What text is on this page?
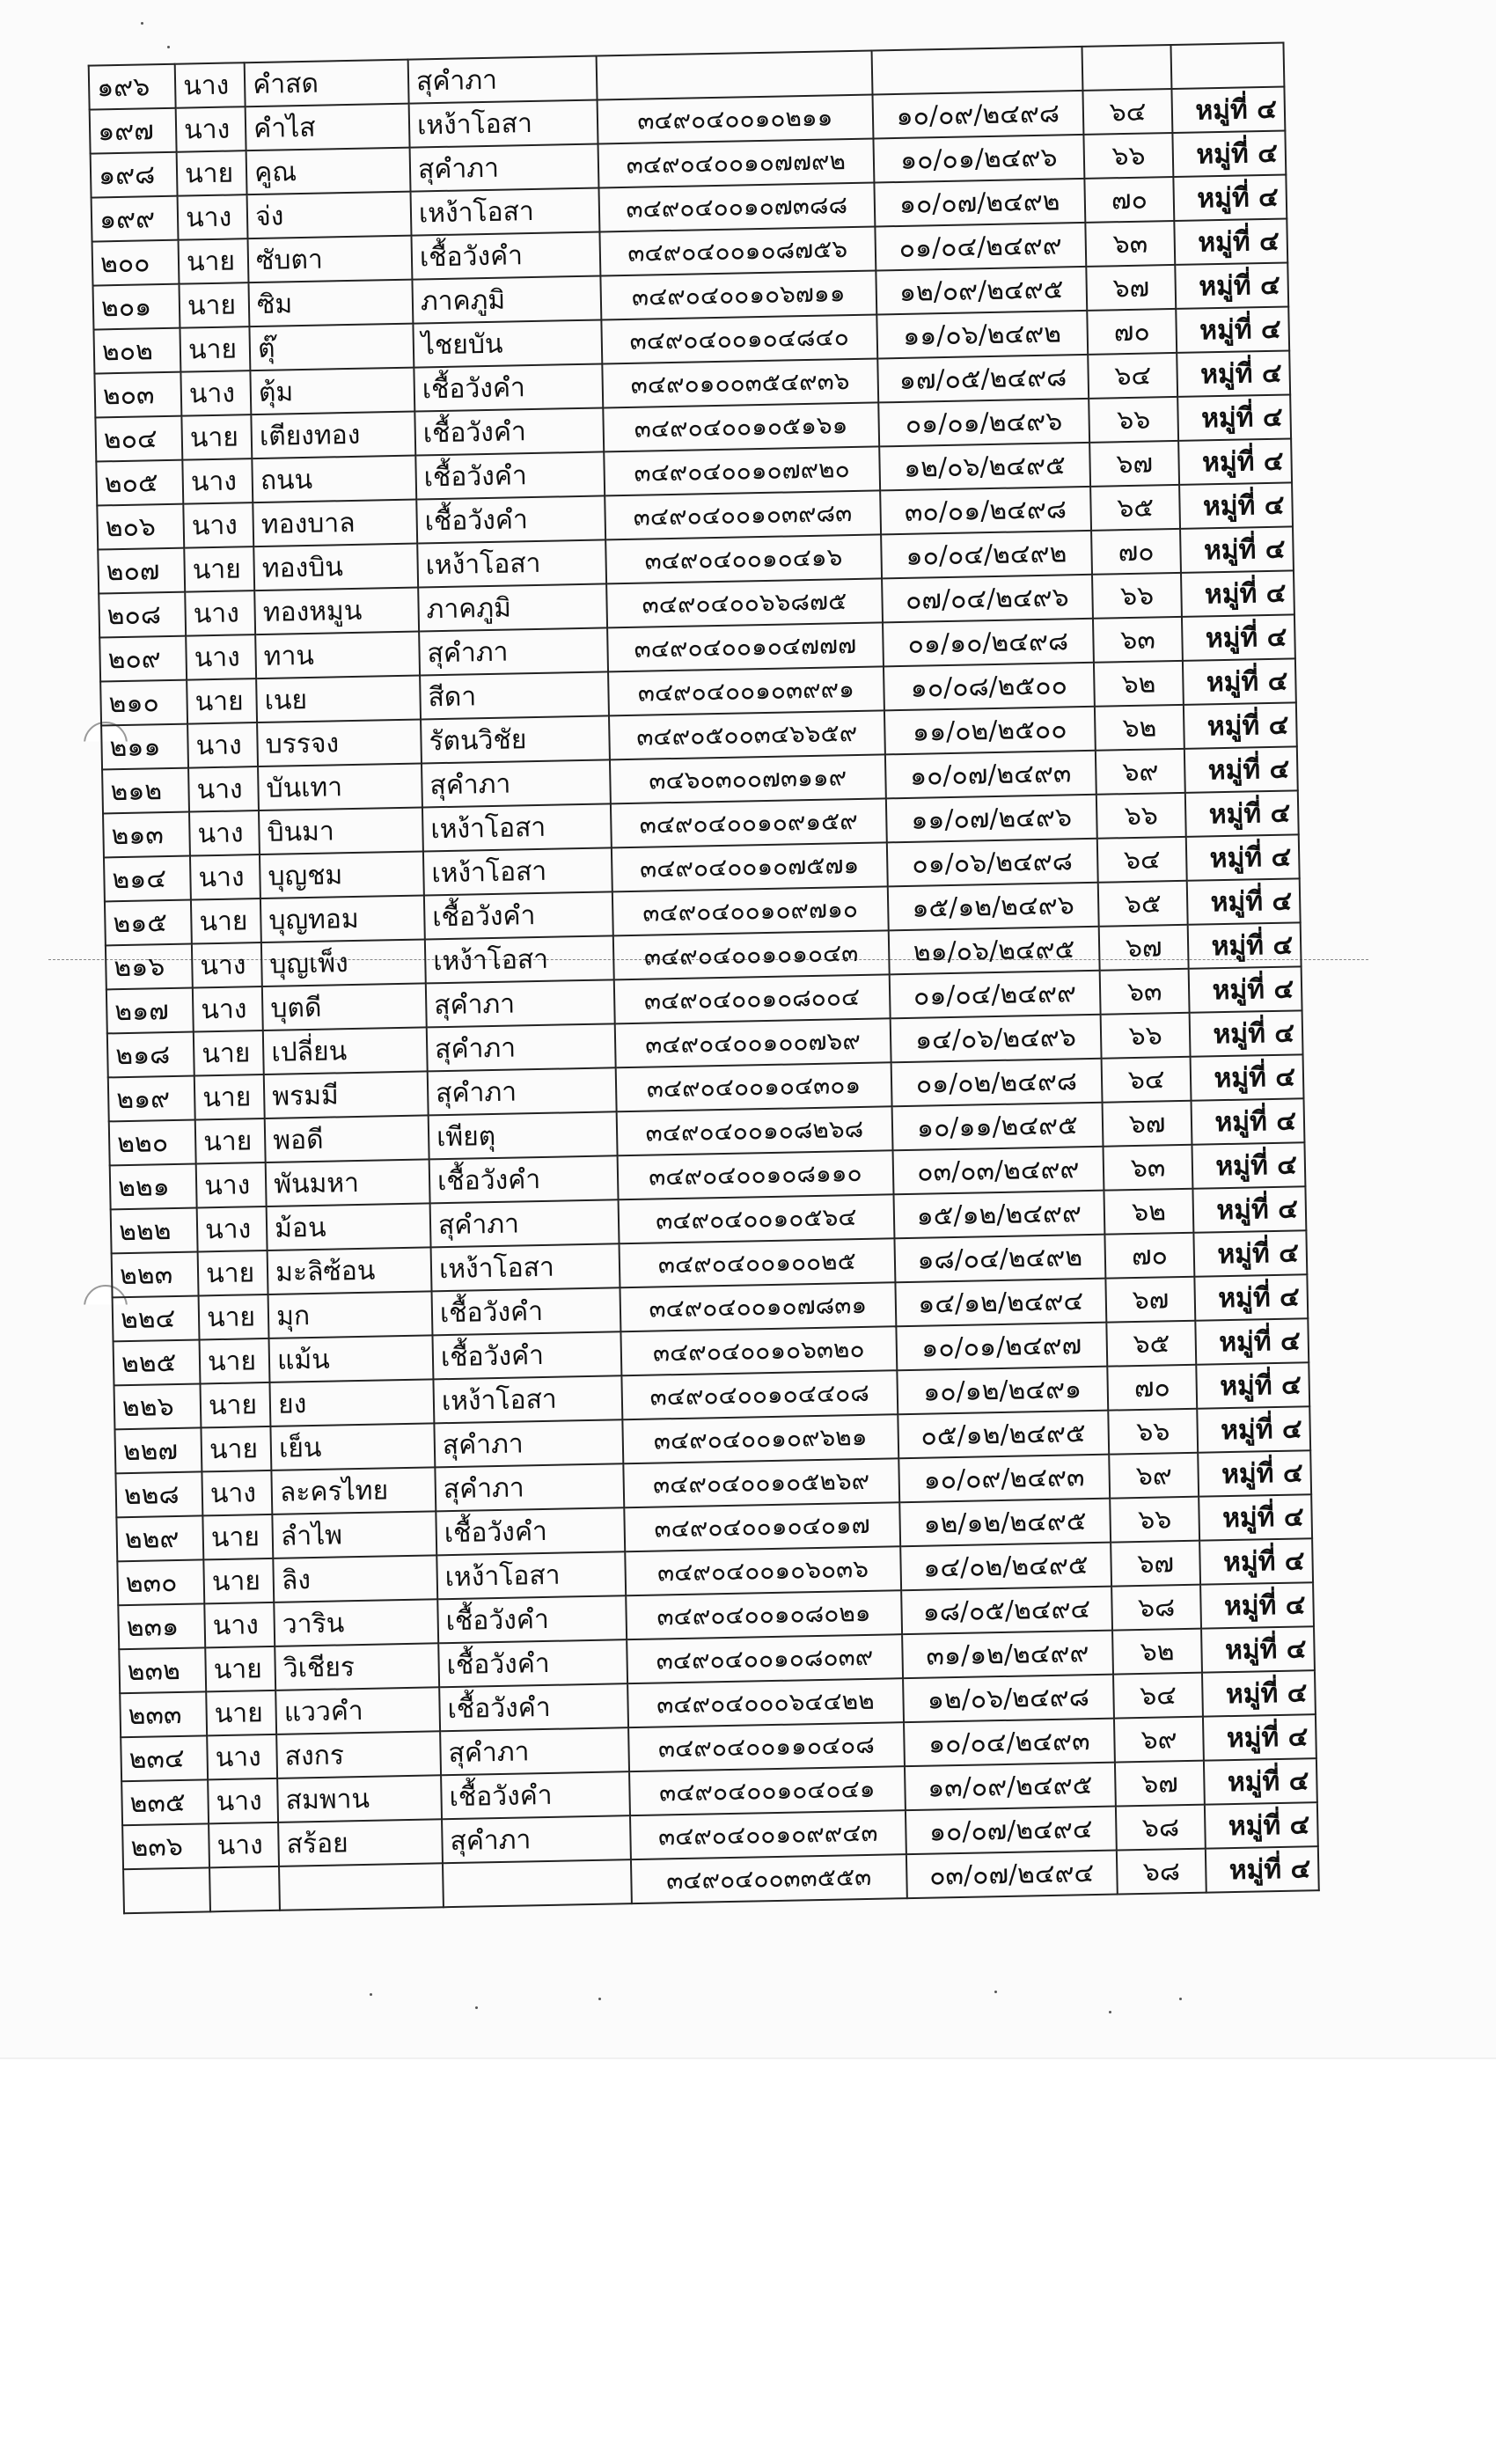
๑๙๖	นาง	คำสด	สุคำภา				
๑๙๗	นาง	คำไส	เหง้าโอสา	๓๔๙๐๔๐๐๑๐๒๑๑	๑๐/๐๙/๒๔๙๘	๖๔	หมู่ที่ ๔
๑๙๘	นาย	คูณ	สุคำภา	๓๔๙๐๔๐๐๑๐๗๗๙๒	๑๐/๐๑/๒๔๙๖	๖๖	หมู่ที่ ๔
๑๙๙	นาง	จ่ง	เหง้าโอสา	๓๔๙๐๔๐๐๑๐๗๓๘๘	๑๐/๐๗/๒๔๙๒	๗๐	หมู่ที่ ๔
๒๐๐	นาย	ซับตา	เชื้อวังคำ	๓๔๙๐๔๐๐๑๐๘๗๕๖	๐๑/๐๔/๒๔๙๙	๖๓	หมู่ที่ ๔
๒๐๑	นาย	ซิม	ภาคภูมิ	๓๔๙๐๔๐๐๑๐๖๗๑๑	๑๒/๐๙/๒๔๙๕	๖๗	หมู่ที่ ๔
๒๐๒	นาย	ตุ๊	ไชยบัน	๓๔๙๐๔๐๐๑๐๔๘๔๐	๑๑/๐๖/๒๔๙๒	๗๐	หมู่ที่ ๔
๒๐๓	นาง	ตุ้ม	เชื้อวังคำ	๓๔๙๐๑๐๐๓๕๔๙๓๖	๑๗/๐๕/๒๔๙๘	๖๔	หมู่ที่ ๔
๒๐๔	นาย	เตียงทอง	เชื้อวังคำ	๓๔๙๐๔๐๐๑๐๕๑๖๑	๐๑/๐๑/๒๔๙๖	๖๖	หมู่ที่ ๔
๒๐๕	นาง	ถนน	เชื้อวังคำ	๓๔๙๐๔๐๐๑๐๗๙๒๐	๑๒/๐๖/๒๔๙๕	๖๗	หมู่ที่ ๔
๒๐๖	นาง	ทองบาล	เชื้อวังคำ	๓๔๙๐๔๐๐๑๐๓๙๘๓	๓๐/๐๑/๒๔๙๘	๖๕	หมู่ที่ ๔
๒๐๗	นาย	ทองบิน	เหง้าโอสา	๓๔๙๐๔๐๐๑๐๔๑๖	๑๐/๐๔/๒๔๙๒	๗๐	หมู่ที่ ๔
๒๐๘	นาง	ทองหมูน	ภาคภูมิ	๓๔๙๐๔๐๐๖๖๘๗๕	๐๗/๐๔/๒๔๙๖	๖๖	หมู่ที่ ๔
๒๐๙	นาง	ทาน	สุคำภา	๓๔๙๐๔๐๐๑๐๔๗๗๗	๐๑/๑๐/๒๔๙๘	๖๓	หมู่ที่ ๔
๒๑๐	นาย	เนย	สีดา	๓๔๙๐๔๐๐๑๐๓๙๙๑	๑๐/๐๘/๒๕๐๐	๖๒	หมู่ที่ ๔
๒๑๑	นาง	บรรจง	รัตนวิชัย	๓๔๙๐๕๐๐๓๔๖๖๕๙	๑๑/๐๒/๒๕๐๐	๖๒	หมู่ที่ ๔
๒๑๒	นาง	บันเทา	สุคำภา	๓๔๖๐๓๐๐๗๓๑๑๙	๑๐/๐๗/๒๔๙๓	๖๙	หมู่ที่ ๔
๒๑๓	นาง	บินมา	เหง้าโอสา	๓๔๙๐๔๐๐๑๐๙๑๕๙	๑๑/๐๗/๒๔๙๖	๖๖	หมู่ที่ ๔
๒๑๔	นาง	บุญชม	เหง้าโอสา	๓๔๙๐๔๐๐๑๐๗๕๗๑	๐๑/๐๖/๒๔๙๘	๖๔	หมู่ที่ ๔
๒๑๕	นาย	บุญทอม	เชื้อวังคำ	๓๔๙๐๔๐๐๑๐๙๗๑๐	๑๕/๑๒/๒๔๙๖	๖๕	หมู่ที่ ๔
๒๑๖	นาง	บุญเพ็ง	เหง้าโอสา	๓๔๙๐๔๐๐๑๐๑๐๔๓	๒๑/๐๖/๒๔๙๕	๖๗	หมู่ที่ ๔
๒๑๗	นาง	บุตดี	สุคำภา	๓๔๙๐๔๐๐๑๐๘๐๐๔	๐๑/๐๔/๒๔๙๙	๖๓	หมู่ที่ ๔
๒๑๘	นาย	เปลี่ยน	สุคำภา	๓๔๙๐๔๐๐๑๐๐๗๖๙	๑๔/๐๖/๒๔๙๖	๖๖	หมู่ที่ ๔
๒๑๙	นาย	พรมมี	สุคำภา	๓๔๙๐๔๐๐๑๐๔๓๐๑	๐๑/๐๒/๒๔๙๘	๖๔	หมู่ที่ ๔
๒๒๐	นาย	พอดี	เพียตุ	๓๔๙๐๔๐๐๑๐๘๒๖๘	๑๐/๑๑/๒๔๙๕	๖๗	หมู่ที่ ๔
๒๒๑	นาง	พันมหา	เชื้อวังคำ	๓๔๙๐๔๐๐๑๐๘๑๑๐	๐๓/๐๓/๒๔๙๙	๖๓	หมู่ที่ ๔
๒๒๒	นาง	ม้อน	สุคำภา	๓๔๙๐๔๐๐๑๐๕๖๔	๑๕/๑๒/๒๔๙๙	๖๒	หมู่ที่ ๔
๒๒๓	นาย	มะลิซ้อน	เหง้าโอสา	๓๔๙๐๔๐๐๑๐๐๒๕	๑๘/๐๔/๒๔๙๒	๗๐	หมู่ที่ ๔
๒๒๔	นาย	มุก	เชื้อวังคำ	๓๔๙๐๔๐๐๑๐๗๘๓๑	๑๔/๑๒/๒๔๙๔	๖๗	หมู่ที่ ๔
๒๒๕	นาย	แม้น	เชื้อวังคำ	๓๔๙๐๔๐๐๑๐๖๓๒๐	๑๐/๐๑/๒๔๙๗	๖๕	หมู่ที่ ๔
๒๒๖	นาย	ยง	เหง้าโอสา	๓๔๙๐๔๐๐๑๐๔๔๐๘	๑๐/๑๒/๒๔๙๑	๗๐	หมู่ที่ ๔
๒๒๗	นาย	เย็น	สุคำภา	๓๔๙๐๔๐๐๑๐๙๖๒๑	๐๕/๑๒/๒๔๙๕	๖๖	หมู่ที่ ๔
๒๒๘	นาง	ละครไทย	สุคำภา	๓๔๙๐๔๐๐๑๐๕๒๖๙	๑๐/๐๙/๒๔๙๓	๖๙	หมู่ที่ ๔
๒๒๙	นาย	ลำไพ	เชื้อวังคำ	๓๔๙๐๔๐๐๑๐๔๐๑๗	๑๒/๑๒/๒๔๙๕	๖๖	หมู่ที่ ๔
๒๓๐	นาย	ลิง	เหง้าโอสา	๓๔๙๐๔๐๐๑๐๖๐๓๖	๑๔/๐๒/๒๔๙๕	๖๗	หมู่ที่ ๔
๒๓๑	นาง	วาริน	เชื้อวังคำ	๓๔๙๐๔๐๐๑๐๘๐๒๑	๑๘/๐๕/๒๔๙๔	๖๘	หมู่ที่ ๔
๒๓๒	นาย	วิเชียร	เชื้อวังคำ	๓๔๙๐๔๐๐๑๐๘๐๓๙	๓๑/๑๒/๒๔๙๙	๖๒	หมู่ที่ ๔
๒๓๓	นาย	แววคำ	เชื้อวังคำ	๓๔๙๐๔๐๐๐๖๔๔๒๒	๑๒/๐๖/๒๔๙๘	๖๔	หมู่ที่ ๔
๒๓๔	นาง	สงกร	สุคำภา	๓๔๙๐๔๐๐๑๑๐๔๐๘	๑๐/๐๔/๒๔๙๓	๖๙	หมู่ที่ ๔
๒๓๕	นาง	สมพาน	เชื้อวังคำ	๓๔๙๐๔๐๐๑๐๔๐๔๑	๑๓/๐๙/๒๔๙๕	๖๗	หมู่ที่ ๔
๒๓๖	นาง	สร้อย	สุคำภา	๓๔๙๐๔๐๐๑๐๙๙๔๓	๑๐/๐๗/๒๔๙๔	๖๘	หมู่ที่ ๔
				๓๔๙๐๔๐๐๓๓๕๕๓	๐๓/๐๗/๒๔๙๔	๖๘	หมู่ที่ ๔
